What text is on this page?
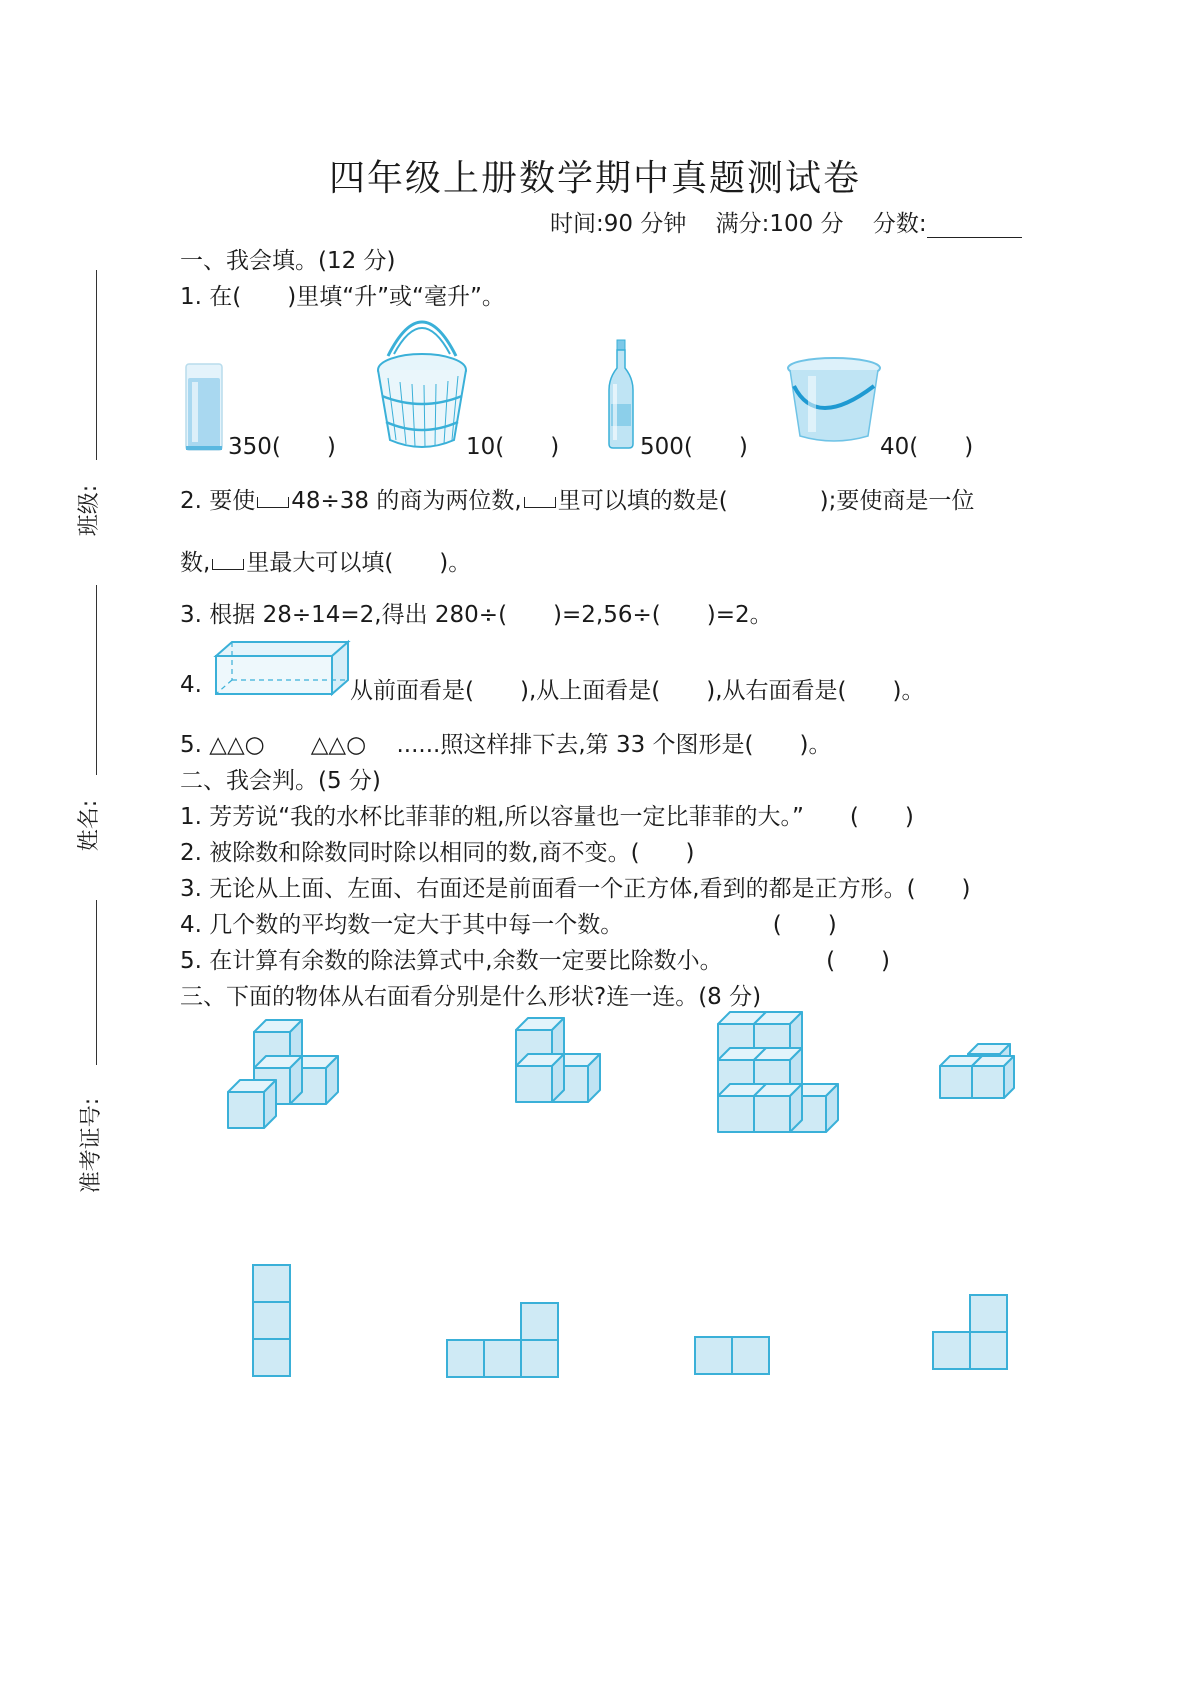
班级:
姓名:
准考证号:
四年级上册数学期中真题测试卷
时间:90 分钟 满分:100 分 分数:
一、我会填。(12 分)
1. 在(　　)里填“升”或“毫升”。
350(　　)	10(　　)	500(　　)	40(　　)
2. 要使 48÷38 的商为两位数, 里可以填的数是(　　　　);要使商是一位
数, 里最大可以填(　　)。
3. 根据 28÷14=2,得出 280÷(　　)=2,56÷(　　)=2。
4.	从前面看是(　　),从上面看是(　　),从右面看是(　　)。
5. △△○　　△△○　 ......照这样排下去,第 33 个图形是(　　)。
二、我会判。(5 分)
1. 芳芳说“我的水杯比菲菲的粗,所以容量也一定比菲菲的大。”　　(　　)
2. 被除数和除数同时除以相同的数,商不变。(　　)
3. 无论从上面、左面、右面还是前面看一个正方体,看到的都是正方形。(　　)
4. 几个数的平均数一定大于其中每一个数。　　　　　　　(　　)
5. 在计算有余数的除法算式中,余数一定要比除数小。　　　　　(　　)
三、下面的物体从右面看分别是什么形状?连一连。(8 分)
